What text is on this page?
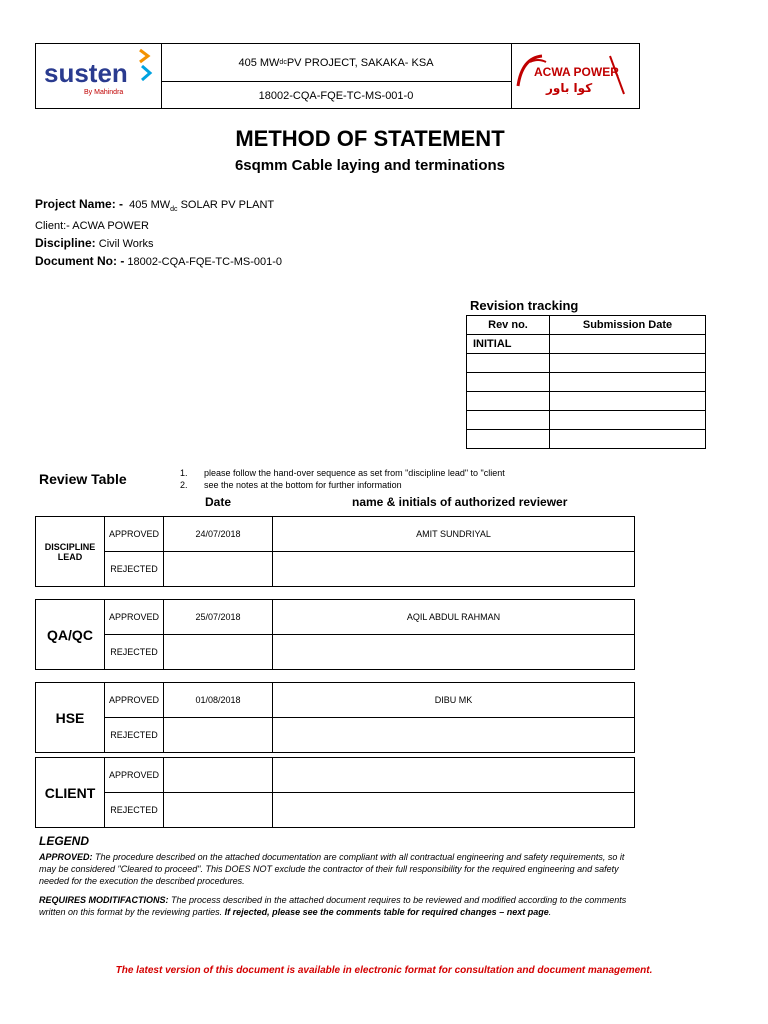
susten
By Mahindra
405 MW dc PV PROJECT, SAKAKA- KSA
18002-CQA-FQE-TC-MS-001-0
ACWA POWER
كوا باور
METHOD OF STATEMENT
6sqmm Cable laying and terminations
Project Name: - 405 $MW_{dc}$ SOLAR PV PLANT
Client:- ACWA POWER
Discipline: Civil Works
Document No: - 18002-CQA-FQE-TC-MS-001-0
Revision tracking
Rev no.	Submission Date
INITIAL	

Review Table	1. please follow the hand-over sequence as set from "discipline lead" to "client
2. see the notes at the bottom for further information
Date	name & initials of authorized reviewer
DISCIPLINE LEAD	APPROVED	24/07/2018	AMIT SUNDRIYAL
	REJECTED		
QA/QC	APPROVED	25/07/2018	AQIL ABDUL RAHMAN
	REJECTED		
HSE	APPROVED	01/08/2018	DIBU MK
	REJECTED		
CLIENT	APPROVED		
	REJECTED		
LEGEND
APPROVED: The procedure described on the attached documentation are compliant with all contractual engineering and safety requirements, so it may be considered "Cleared to proceed". This DOES NOT exclude the contractor of their full responsibility for the required engineering and safety needed for the execution the described procedures.
REQUIRES MODITIFACTIONS: The process described in the attached document requires to be reviewed and modified according to the comments written on this format by the reviewing parties. If rejected, please see the comments table for required changes – next page.
The latest version of this document is available in electronic format for consultation and document management.
